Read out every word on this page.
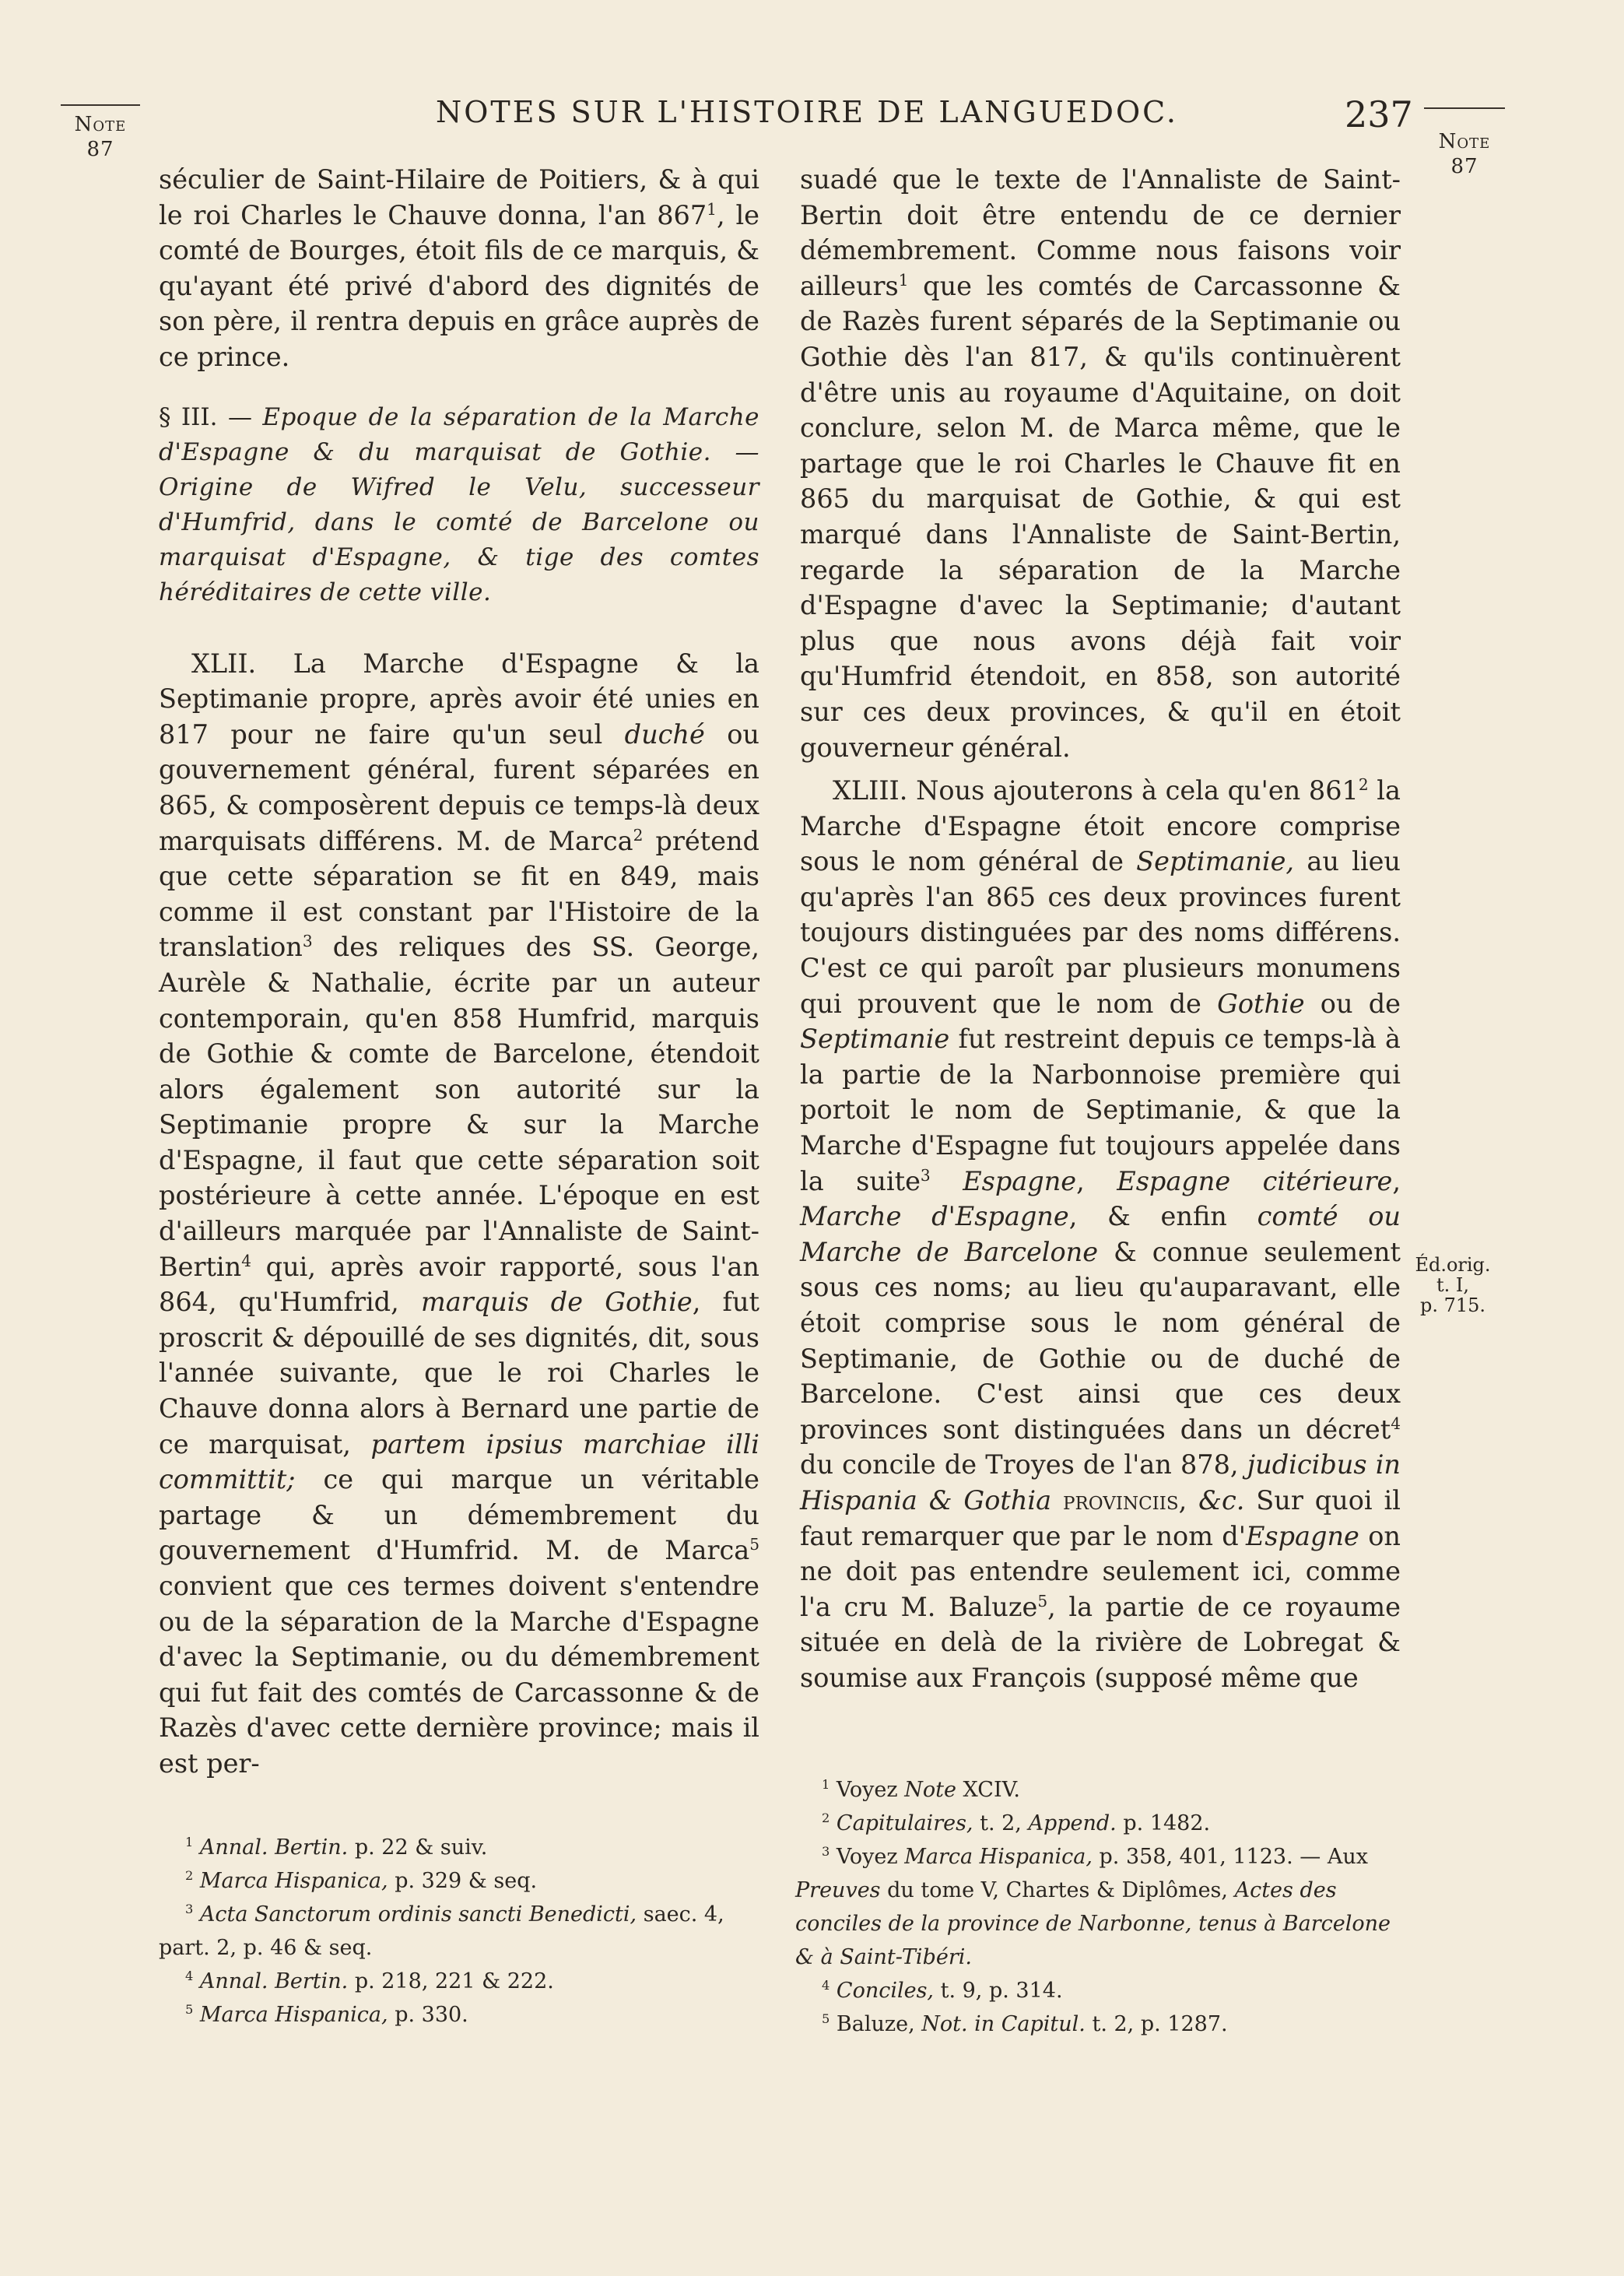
Note
87
NOTES SUR L'HISTOIRE DE LANGUEDOC.	237
Note
87

séculier de Saint-Hilaire de Poitiers, & à qui le roi Charles le Chauve donna, l'an $867^1$, le comté de Bourges, étoit fils de ce marquis, & qu'ayant été privé d'abord des dignités de son père, il rentra depuis en grâce auprès de ce prince.

§ III. — Epoque de la séparation de la Marche d'Espagne & du marquisat de Gothie. — Origine de Wifred le Velu, successeur d'Humfrid, dans le comté de Barcelone ou marquisat d'Espagne, & tige des comtes héréditaires de cette ville.

XLII. La Marche d'Espagne & la Septimanie propre, après avoir été unies en 817 pour ne faire qu'un seul duché ou gouvernement général, furent séparées en 865, & composèrent depuis ce temps-là deux marquisats différens. M. de Marca$^2$ prétend que cette séparation se fit en 849, mais comme il est constant par l'Histoire de la translation$^3$ des reliques des SS. George, Aurèle & Nathalie, écrite par un auteur contemporain, qu'en 858 Humfrid, marquis de Gothie & comte de Barcelone, étendoit alors également son autorité sur la Septimanie propre & sur la Marche d'Espagne, il faut que cette séparation soit postérieure à cette année. L'époque en est d'ailleurs marquée par l'Annaliste de Saint-Bertin$^4$ qui, après avoir rapporté, sous l'an 864, qu'Humfrid, marquis de Gothie, fut proscrit & dépouillé de ses dignités, dit, sous l'année suivante, que le roi Charles le Chauve donna alors à Bernard une partie de ce marquisat, partem ipsius marchiae illi committit; ce qui marque un véritable partage & un démembrement du gouvernement d'Humfrid. M. de Marca$^5$ convient que ces termes doivent s'entendre ou de la séparation de la Marche d'Espagne d'avec la Septimanie, ou du démembrement qui fut fait des comtés de Carcassonne & de Razès d'avec cette dernière province; mais il est per-

suadé que le texte de l'Annaliste de Saint-Bertin doit être entendu de ce dernier démembrement. Comme nous faisons voir ailleurs$^1$ que les comtés de Carcassonne & de Razès furent séparés de la Septimanie ou Gothie dès l'an 817, & qu'ils continuèrent d'être unis au royaume d'Aquitaine, on doit conclure, selon M. de Marca même, que le partage que le roi Charles le Chauve fit en 865 du marquisat de Gothie, & qui est marqué dans l'Annaliste de Saint-Bertin, regarde la séparation de la Marche d'Espagne d'avec la Septimanie; d'autant plus que nous avons déjà fait voir qu'Humfrid étendoit, en 858, son autorité sur ces deux provinces, & qu'il en étoit gouverneur général.

XLIII. Nous ajouterons à cela qu'en $861^2$ la Marche d'Espagne étoit encore comprise sous le nom général de Septimanie, au lieu qu'après l'an 865 ces deux provinces furent toujours distinguées par des noms différens. C'est ce qui paroît par plusieurs monumens qui prouvent que le nom de Gothie ou de Septimanie fut restreint depuis ce temps-là à la partie de la Narbonnoise première qui portoit le nom de Septimanie, & que la Marche d'Espagne fut toujours appelée dans la suite$^3$ Espagne, Espagne citérieure, Marche d'Espagne, & enfin comté ou Marche de Barcelone & connue seulement sous ces noms; au lieu qu'auparavant, elle étoit comprise sous le nom général de Septimanie, de Gothie ou de duché de Barcelone. C'est ainsi que ces deux provinces sont distinguées dans un décret$^4$ du concile de Troyes de l'an 878, judicibus in Hispania & Gothia provinciis, &c. Sur quoi il faut remarquer que par le nom d'Espagne on ne doit pas entendre seulement ici, comme l'a cru M. Baluze$^5$, la partie de ce royaume située en delà de la rivière de Lobregat & soumise aux François (supposé même que

Éd.orig.
t. I,
p. 715.

$^1$ Annal. Bertin. p. 22 & suiv.

$^2$ Marca Hispanica, p. 329 & seq.

$^3$ Acta Sanctorum ordinis sancti Benedicti, saec. 4, part. 2, p. 46 & seq.

$^4$ Annal. Bertin. p. 218, 221 & 222.

$^5$ Marca Hispanica, p. 330.

$^1$ Voyez Note XCIV.

$^2$ Capitulaires, t. 2, Append. p. 1482.

$^3$ Voyez Marca Hispanica, p. 358, 401, 1123. — Aux Preuves du tome V, Chartes & Diplômes, Actes des conciles de la province de Narbonne, tenus à Barcelone & à Saint-Tibéri.

$^4$ Conciles, t. 9, p. 314.

$^5$ Baluze, Not. in Capitul. t. 2, p. 1287.
